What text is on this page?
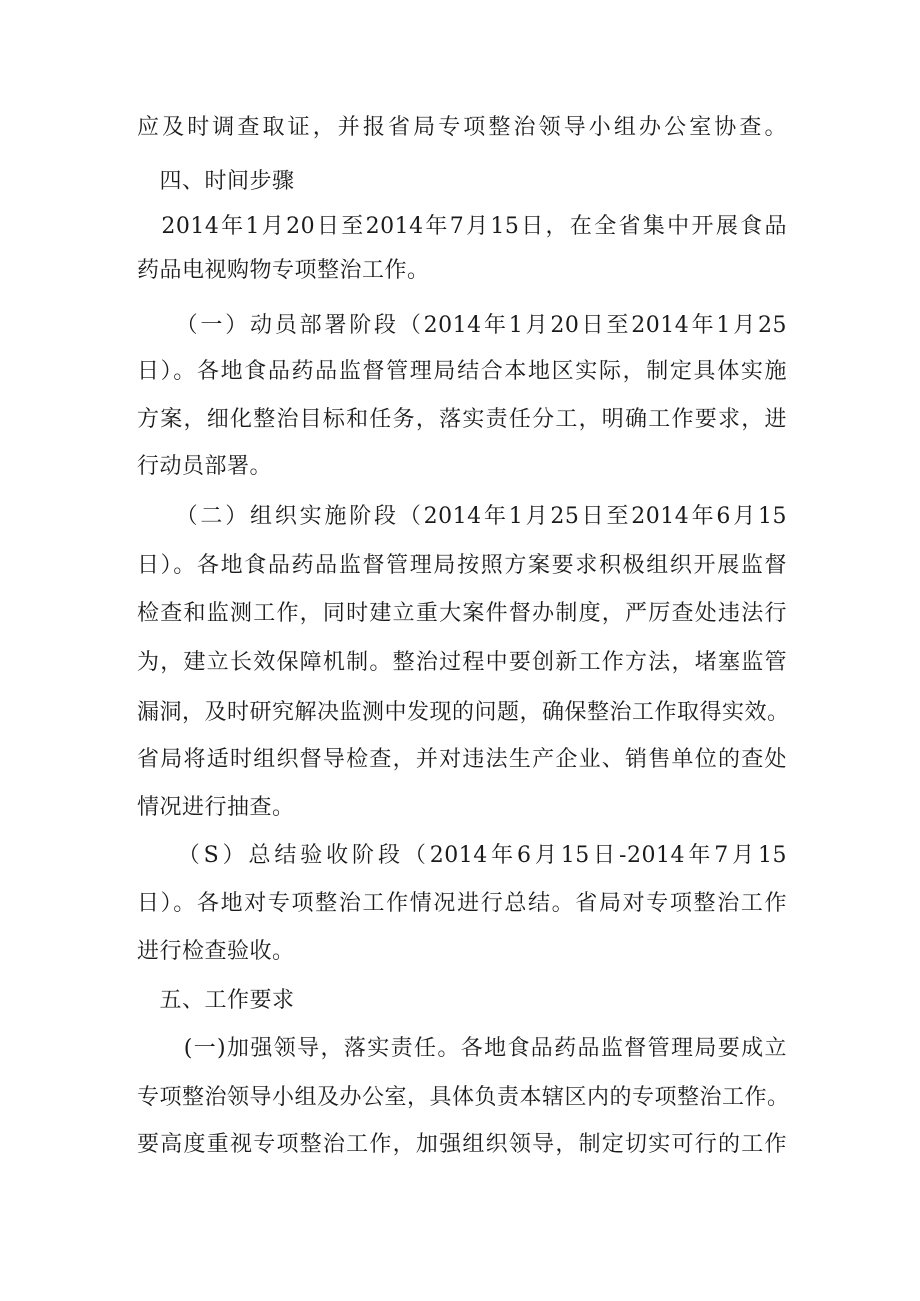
应及时调查取证，并报省局专项整治领导小组办公室协查。
　四、时间步骤
　2014年1月20日至2014年7月15日，在全省集中开展食品
药品电视购物专项整治工作。
　　（一）动员部署阶段（2014年1月20日至2014年1月25
日）。各地食品药品监督管理局结合本地区实际，制定具体实施
方案，细化整治目标和任务，落实责任分工，明确工作要求，进
行动员部署。
　　（二）组织实施阶段（2014年1月25日至2014年6月15
日）。各地食品药品监督管理局按照方案要求积极组织开展监督
检查和监测工作，同时建立重大案件督办制度，严厉查处违法行
为，建立长效保障机制。整治过程中要创新工作方法，堵塞监管
漏洞，及时研究解决监测中发现的问题，确保整治工作取得实效。
省局将适时组织督导检查，并对违法生产企业、销售单位的查处
情况进行抽查。
　　（S）总结验收阶段（2014年6月15日-2014年7月15
日）。各地对专项整治工作情况进行总结。省局对专项整治工作
进行检查验收。
　五、工作要求
　　(一)加强领导，落实责任。各地食品药品监督管理局要成立
专项整治领导小组及办公室，具体负责本辖区内的专项整治工作。
要高度重视专项整治工作，加强组织领导，制定切实可行的工作
